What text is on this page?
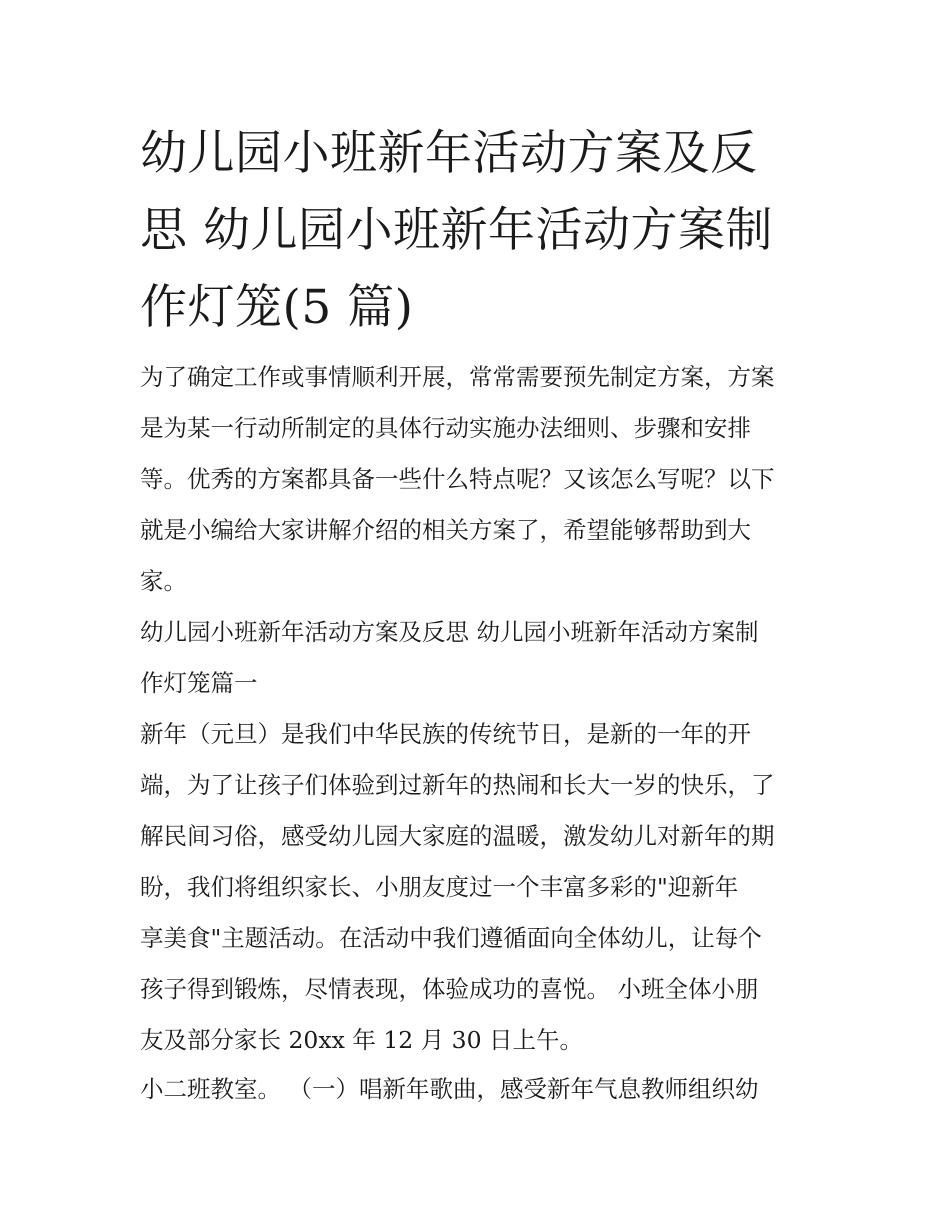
幼儿园小班新年活动方案及反
思 幼儿园小班新年活动方案制
作灯笼(5 篇)

为了确定工作或事情顺利开展，常常需要预先制定方案，方案
是为某一行动所制定的具体行动实施办法细则、步骤和安排
等。优秀的方案都具备一些什么特点呢？又该怎么写呢？以下
就是小编给大家讲解介绍的相关方案了，希望能够帮助到大
家。

幼儿园小班新年活动方案及反思 幼儿园小班新年活动方案制
作灯笼篇一

新年（元旦）是我们中华民族的传统节日，是新的一年的开
端，为了让孩子们体验到过新年的热闹和长大一岁的快乐，了
解民间习俗，感受幼儿园大家庭的温暖，激发幼儿对新年的期
盼，我们将组织家长、小朋友度过一个丰富多彩的"迎新年
享美食"主题活动。在活动中我们遵循面向全体幼儿，让每个
孩子得到锻炼，尽情表现，体验成功的喜悦。 小班全体小朋
友及部分家长 20xx 年 12 月 30 日上午。

小二班教室。 （一）唱新年歌曲，感受新年气息教师组织幼
